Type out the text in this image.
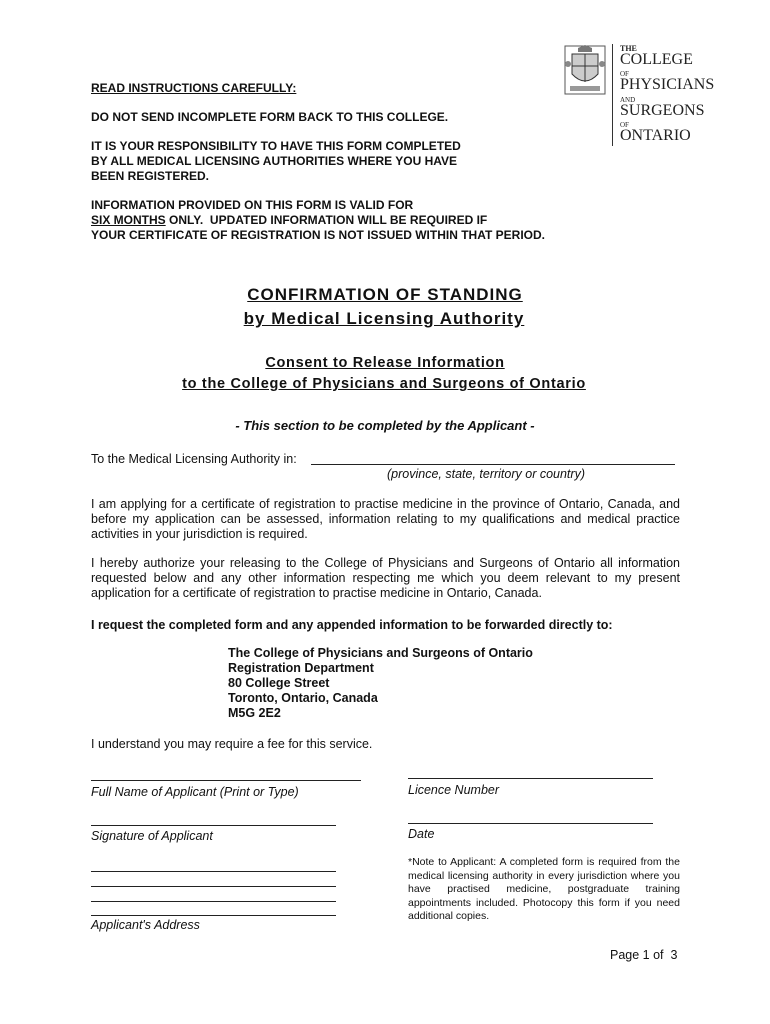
THE
COLLEGE
OF
PHYSICIANS
AND
SURGEONS
OF
ONTARIO
READ INSTRUCTIONS CAREFULLY:
DO NOT SEND INCOMPLETE FORM BACK TO THIS COLLEGE.
IT IS YOUR RESPONSIBILITY TO HAVE THIS FORM COMPLETED
BY ALL MEDICAL LICENSING AUTHORITIES WHERE YOU HAVE
BEEN REGISTERED.
INFORMATION PROVIDED ON THIS FORM IS VALID FOR
SIX MONTHS ONLY.  UPDATED INFORMATION WILL BE REQUIRED IF
YOUR CERTIFICATE OF REGISTRATION IS NOT ISSUED WITHIN THAT PERIOD.
CONFIRMATION OF STANDING
by Medical Licensing Authority
Consent to Release Information
to the College of Physicians and Surgeons of Ontario
- This section to be completed by the Applicant -
To the Medical Licensing Authority in:
(province, state, territory or country)
I am applying for a certificate of registration to practise medicine in the province of Ontario, Canada, and before my application can be assessed, information relating to my qualifications and medical practice activities in your jurisdiction is required.
I hereby authorize your releasing to the College of Physicians and Surgeons of Ontario all information requested below and any other information respecting me which you deem relevant to my present application for a certificate of registration to practise medicine in Ontario, Canada.
I request the completed form and any appended information to be forwarded directly to:
The College of Physicians and Surgeons of Ontario
Registration Department
80 College Street
Toronto, Ontario, Canada
M5G 2E2
I understand you may require a fee for this service.
Full Name of Applicant (Print or Type)	Licence Number
Signature of Applicant	Date
Applicant's Address
*Note to Applicant: A completed form is required from the medical licensing authority in every jurisdiction where you have practised medicine, postgraduate training appointments included. Photocopy this form if you need additional copies.
Page 1 of  3
